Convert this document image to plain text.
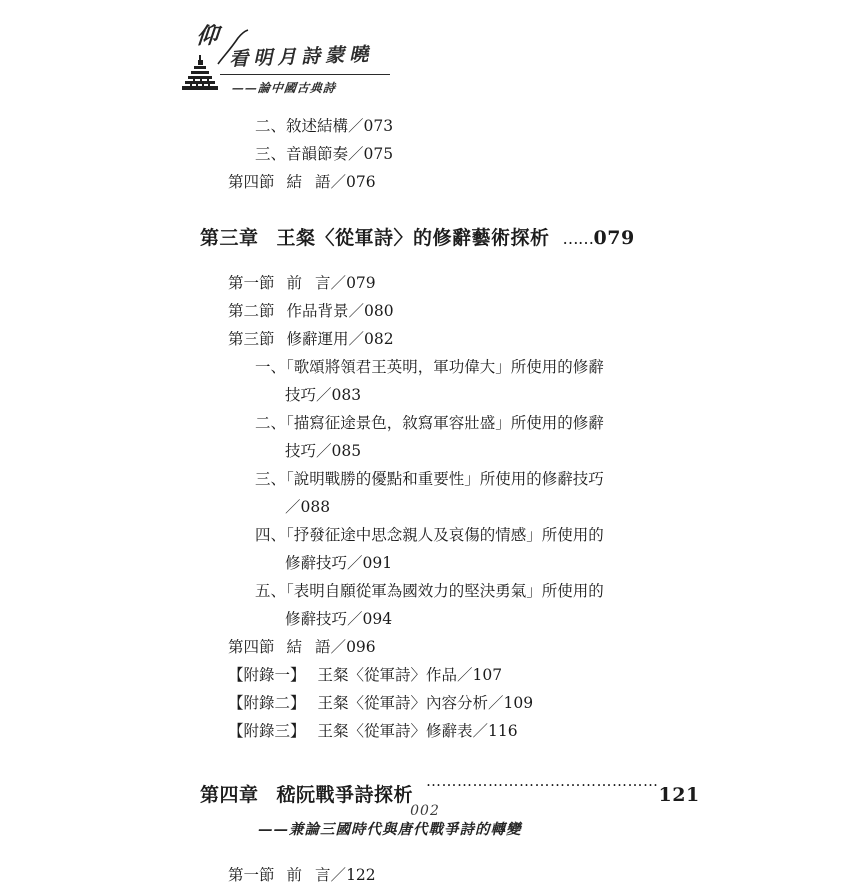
仰
看明月詩蒙曉
——論中國古典詩
二、敘述結構／073
三、音韻節奏／075
第四節 結 語／076
第三章 王粲〈從軍詩〉的修辭藝術探析 ……079
第一節 前 言／079
第二節 作品背景／080
第三節 修辭運用／082
一、「歌頌將領君王英明，軍功偉大」所使用的修辭
技巧／083
二、「描寫征途景色，敘寫軍容壯盛」所使用的修辭
技巧／085
三、「說明戰勝的優點和重要性」所使用的修辭技巧
／088
四、「抒發征途中思念親人及哀傷的情感」所使用的
修辭技巧／091
五、「表明自願從軍為國效力的堅決勇氣」所使用的
修辭技巧／094
第四節 結 語／096
【附錄一】 王粲〈從軍詩〉作品／107
【附錄二】 王粲〈從軍詩〉內容分析／109
【附錄三】 王粲〈從軍詩〉修辭表／116
第四章 嵇阮戰爭詩探析………………………………………121
——兼論三國時代與唐代戰爭詩的轉變
第一節 前 言／122
002
